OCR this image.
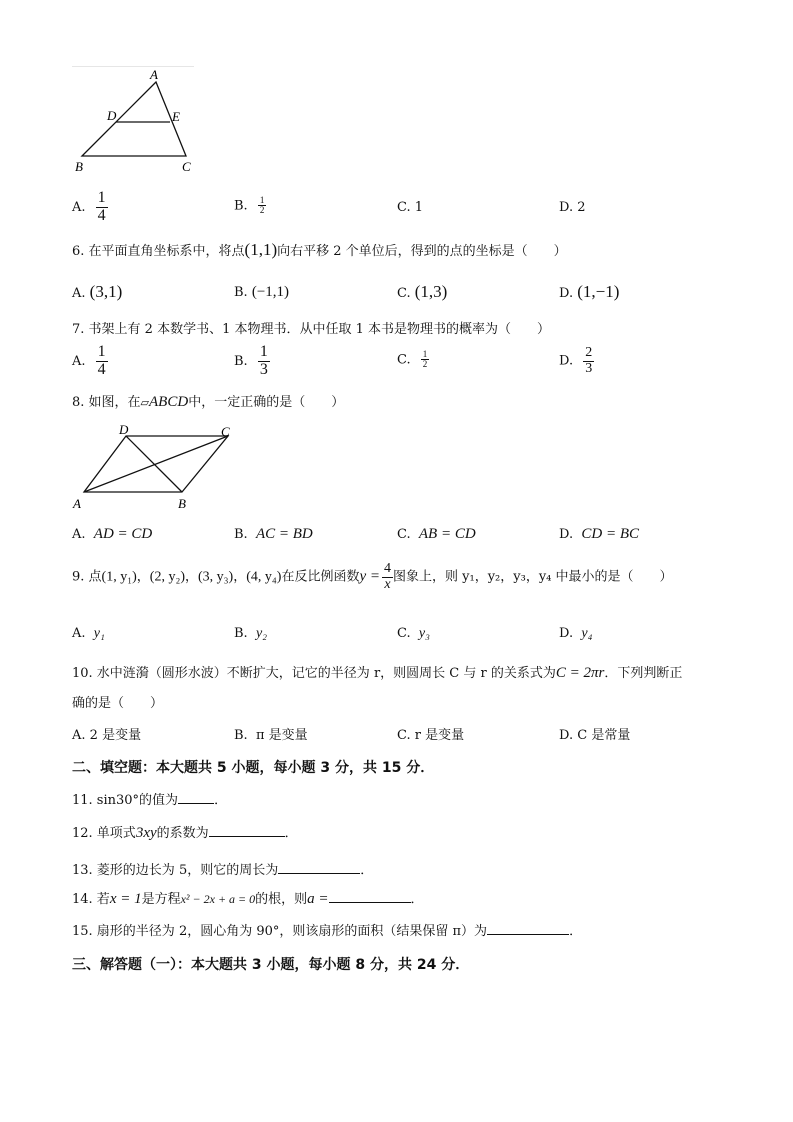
A
D	E
B	C
A. $\frac{1}{4}$	B. $\frac{1}{2}$	C. 1	D. 2
6. 在平面直角坐标系中，将点(1,1)向右平移 2 个单位后，得到的点的坐标是（　　）
A. (3,1)	B. (−1,1)	C. (1,3)	D. (1,−1)
7. 书架上有 2 本数学书、1 本物理书．从中任取 1 本书是物理书的概率为（　　）
A. $\frac{1}{4}$	B. $\frac{1}{3}$	C. $\frac{1}{2}$	D. $\frac{2}{3}$
8. 如图，在▱ABCD中，一定正确的是（　　）
D	C
A	B
A. AD = CD	B. AC = BD	C. AB = CD	D. CD = BC
9. 点(1, y₁)，(2, y₂)，(3, y₃)，(4, y₄)在反比例函数$y = \frac{4}{x}$ 图象上，则 y₁，y₂，y₃，y₄ 中最小的是（　　）
A. y₁	B. y₂	C. y₃	D. y₄
10. 水中涟漪（圆形水波）不断扩大，记它的半径为 r，则圆周长 C 与 r 的关系式为C = 2πr．下列判断正
确的是（　　）
A. 2 是变量	B. π 是变量	C. r 是变量	D. C 是常量
二、填空题：本大题共 5 小题，每小题 3 分，共 15 分．
11. sin30°的值为	．
12. 单项式3xy的系数为	．
13. 菱形的边长为 5，则它的周长为	．
14. 若x = 1是方程x² − 2x + a = 0的根，则a =	．
15. 扇形的半径为 2，圆心角为 90°，则该扇形的面积（结果保留 π）为	．
三、解答题（一）：本大题共 3 小题，每小题 8 分，共 24 分．
